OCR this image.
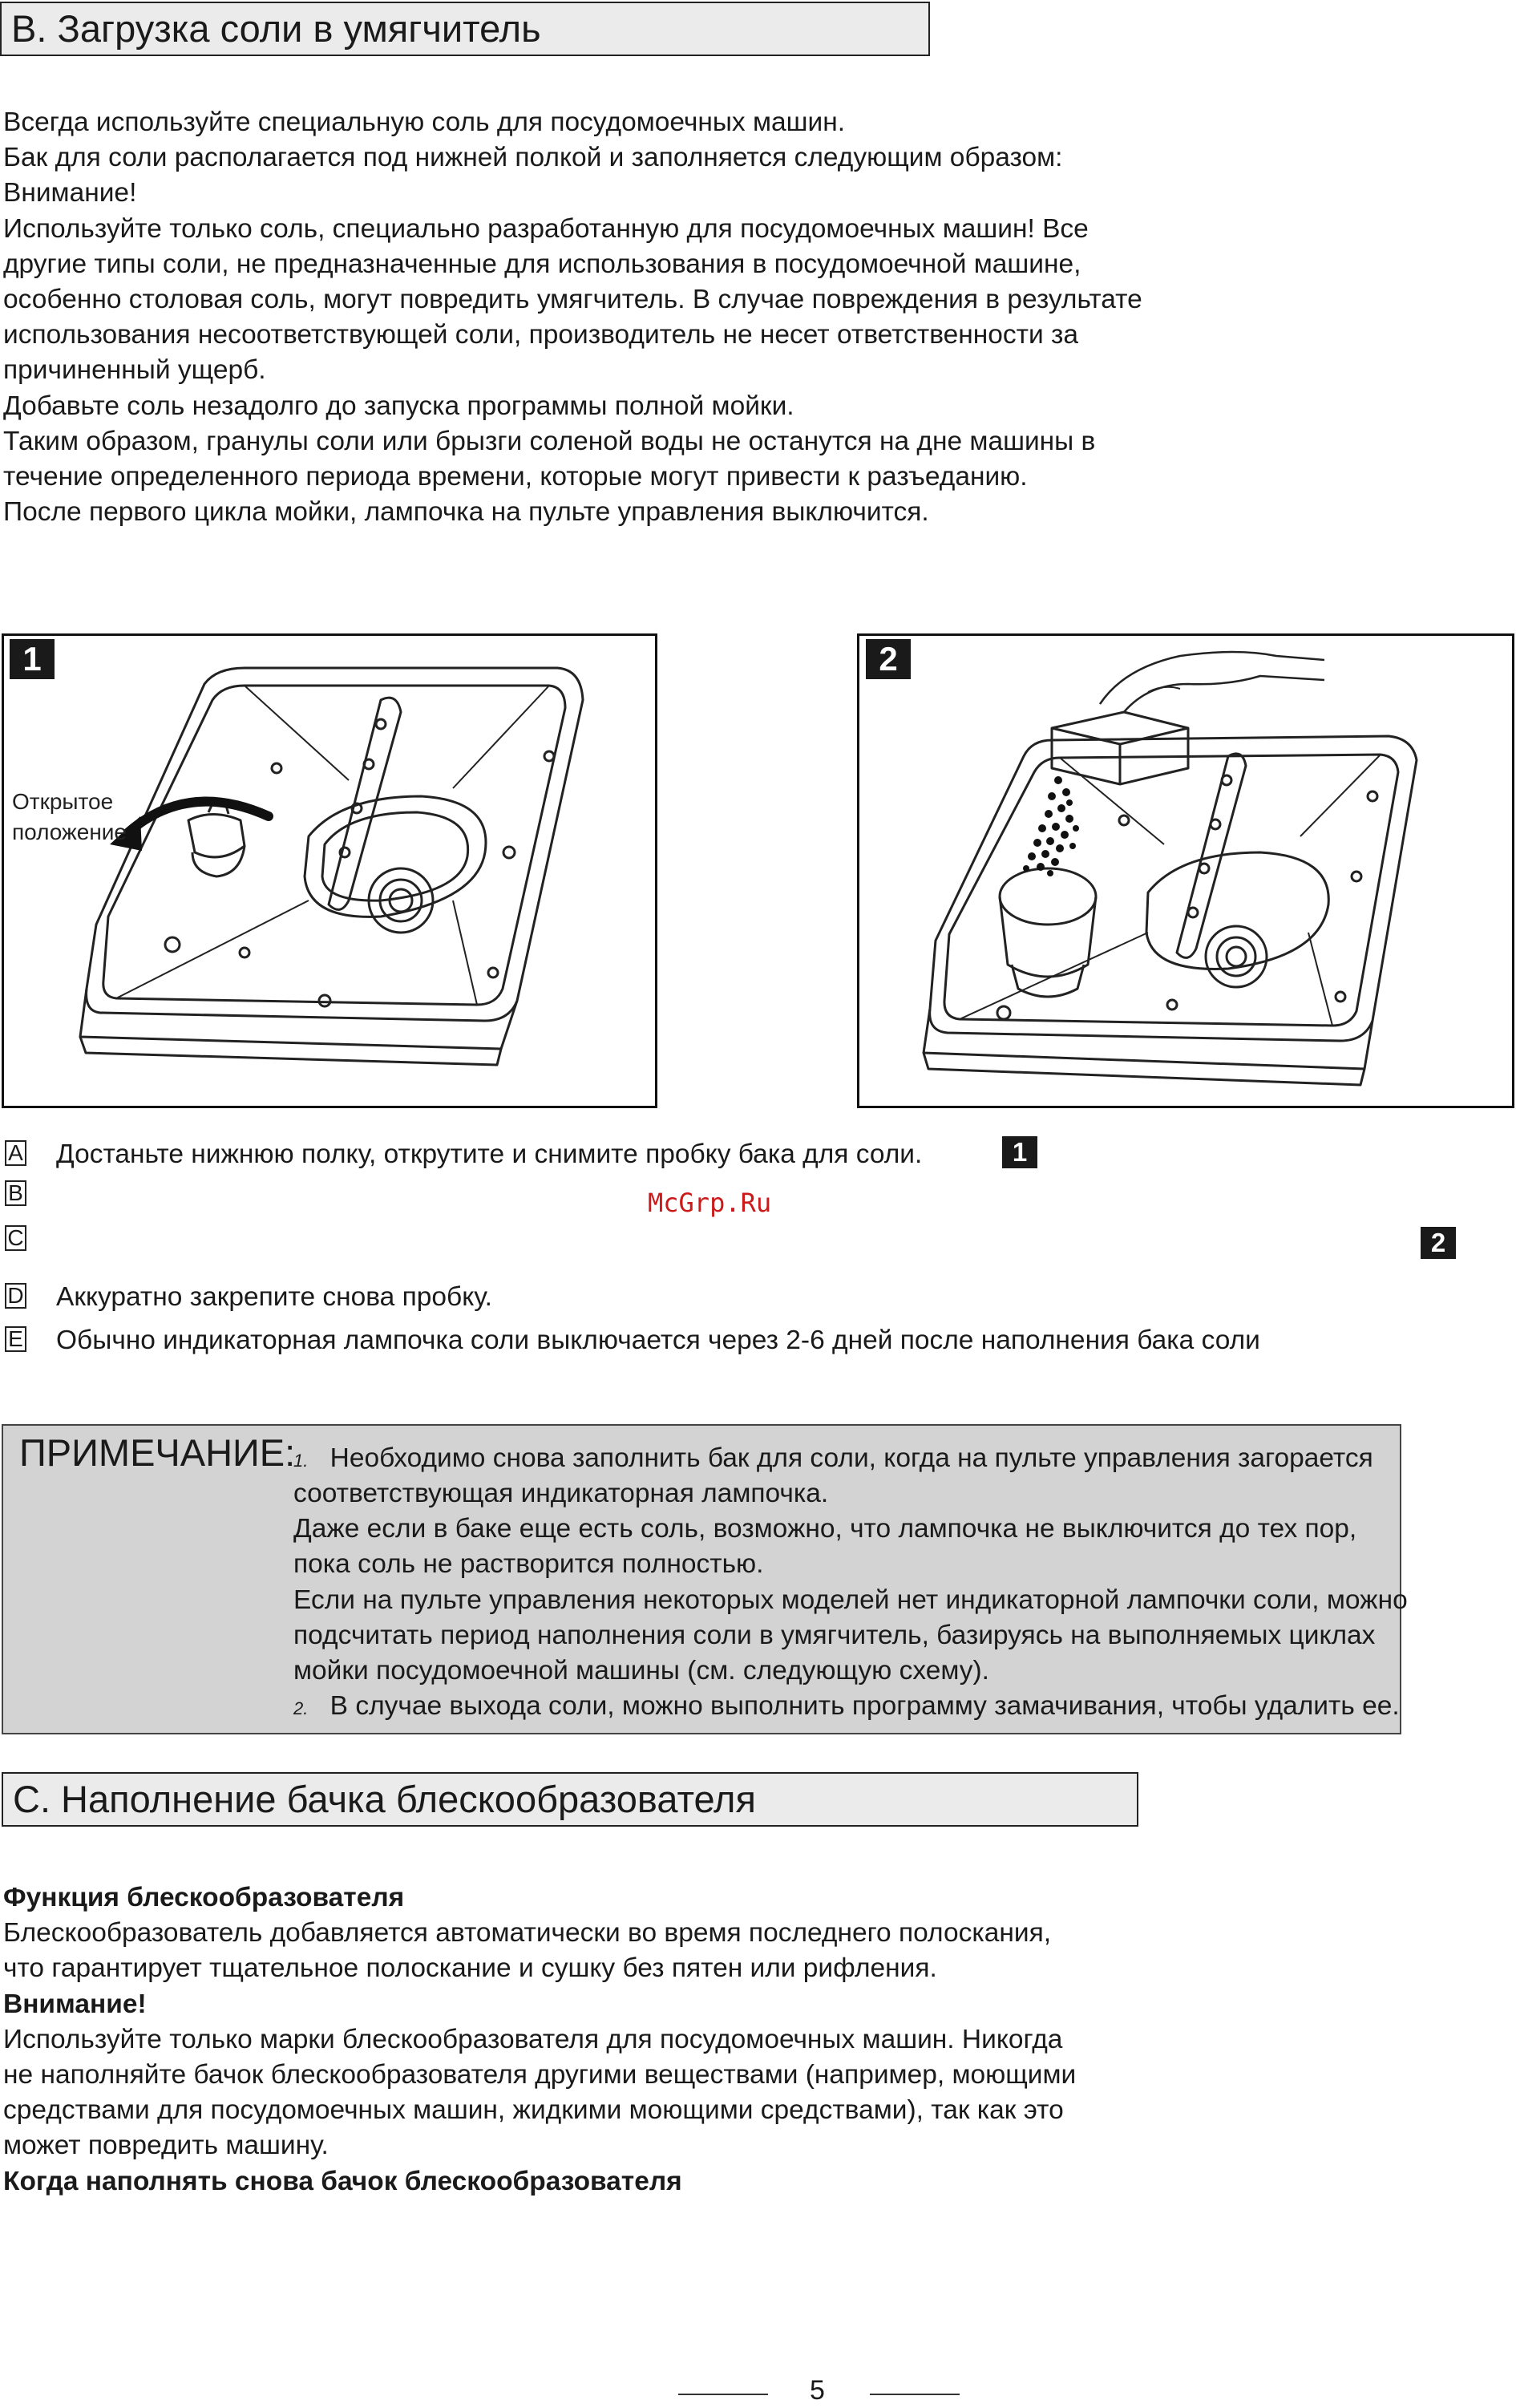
B. Загрузка соли в умягчитель
Всегда используйте специальную соль для посудомоечных машин.
Бак для соли располагается под нижней полкой и заполняется следующим образом:
Внимание!
Используйте только соль, специально разработанную для посудомоечных машин! Все
другие типы соли, не предназначенные для использования в посудомоечной машине,
особенно столовая соль, могут повредить умягчитель. В случае повреждения в результате
использования несоответствующей соли, производитель не несет ответственности за
причиненный ущерб.
Добавьте соль незадолго до запуска программы полной мойки.
Таким образом, гранулы соли или брызги соленой воды не останутся на дне машины в
течение определенного периода времени, которые могут привести к разъеданию.
После первого цикла мойки, лампочка на пульте управления выключится.
Открытое
положение
1	2
A Достаньте нижнюю полку, открутите и снимите пробку бака для соли.	1
B
C	2
D Аккуратно закрепите снова пробку.
E Обычно индикаторная лампочка соли выключается через 2-6 дней после наполнения бака соли
McGrp.Ru
ПРИМЕЧАНИЕ:
1. Необходимо снова заполнить бак для соли, когда на пульте управления загорается
соответствующая индикаторная лампочка.
Даже если в баке еще есть соль, возможно, что лампочка не выключится до тех пор,
пока соль не растворится полностью.
Если на пульте управления некоторых моделей нет индикаторной лампочки соли, можно
подсчитать период наполнения соли в умягчитель, базируясь на выполняемых циклах
мойки посудомоечной машины (см. следующую схему).
2. В случае выхода соли, можно выполнить программу замачивания, чтобы удалить ее.
C. Наполнение бачка блескообразователя
Функция блескообразователя
Блескообразователь добавляется автоматически во время последнего полоскания,
что гарантирует тщательное полоскание и сушку без пятен или рифления.
Внимание!
Используйте только марки блескообразователя для посудомоечных машин. Никогда
не наполняйте бачок блескообразователя другими веществами (например, моющими
средствами для посудомоечных машин, жидкими моющими средствами), так как это
может повредить машину.
Когда наполнять снова бачок блескообразователя
5
